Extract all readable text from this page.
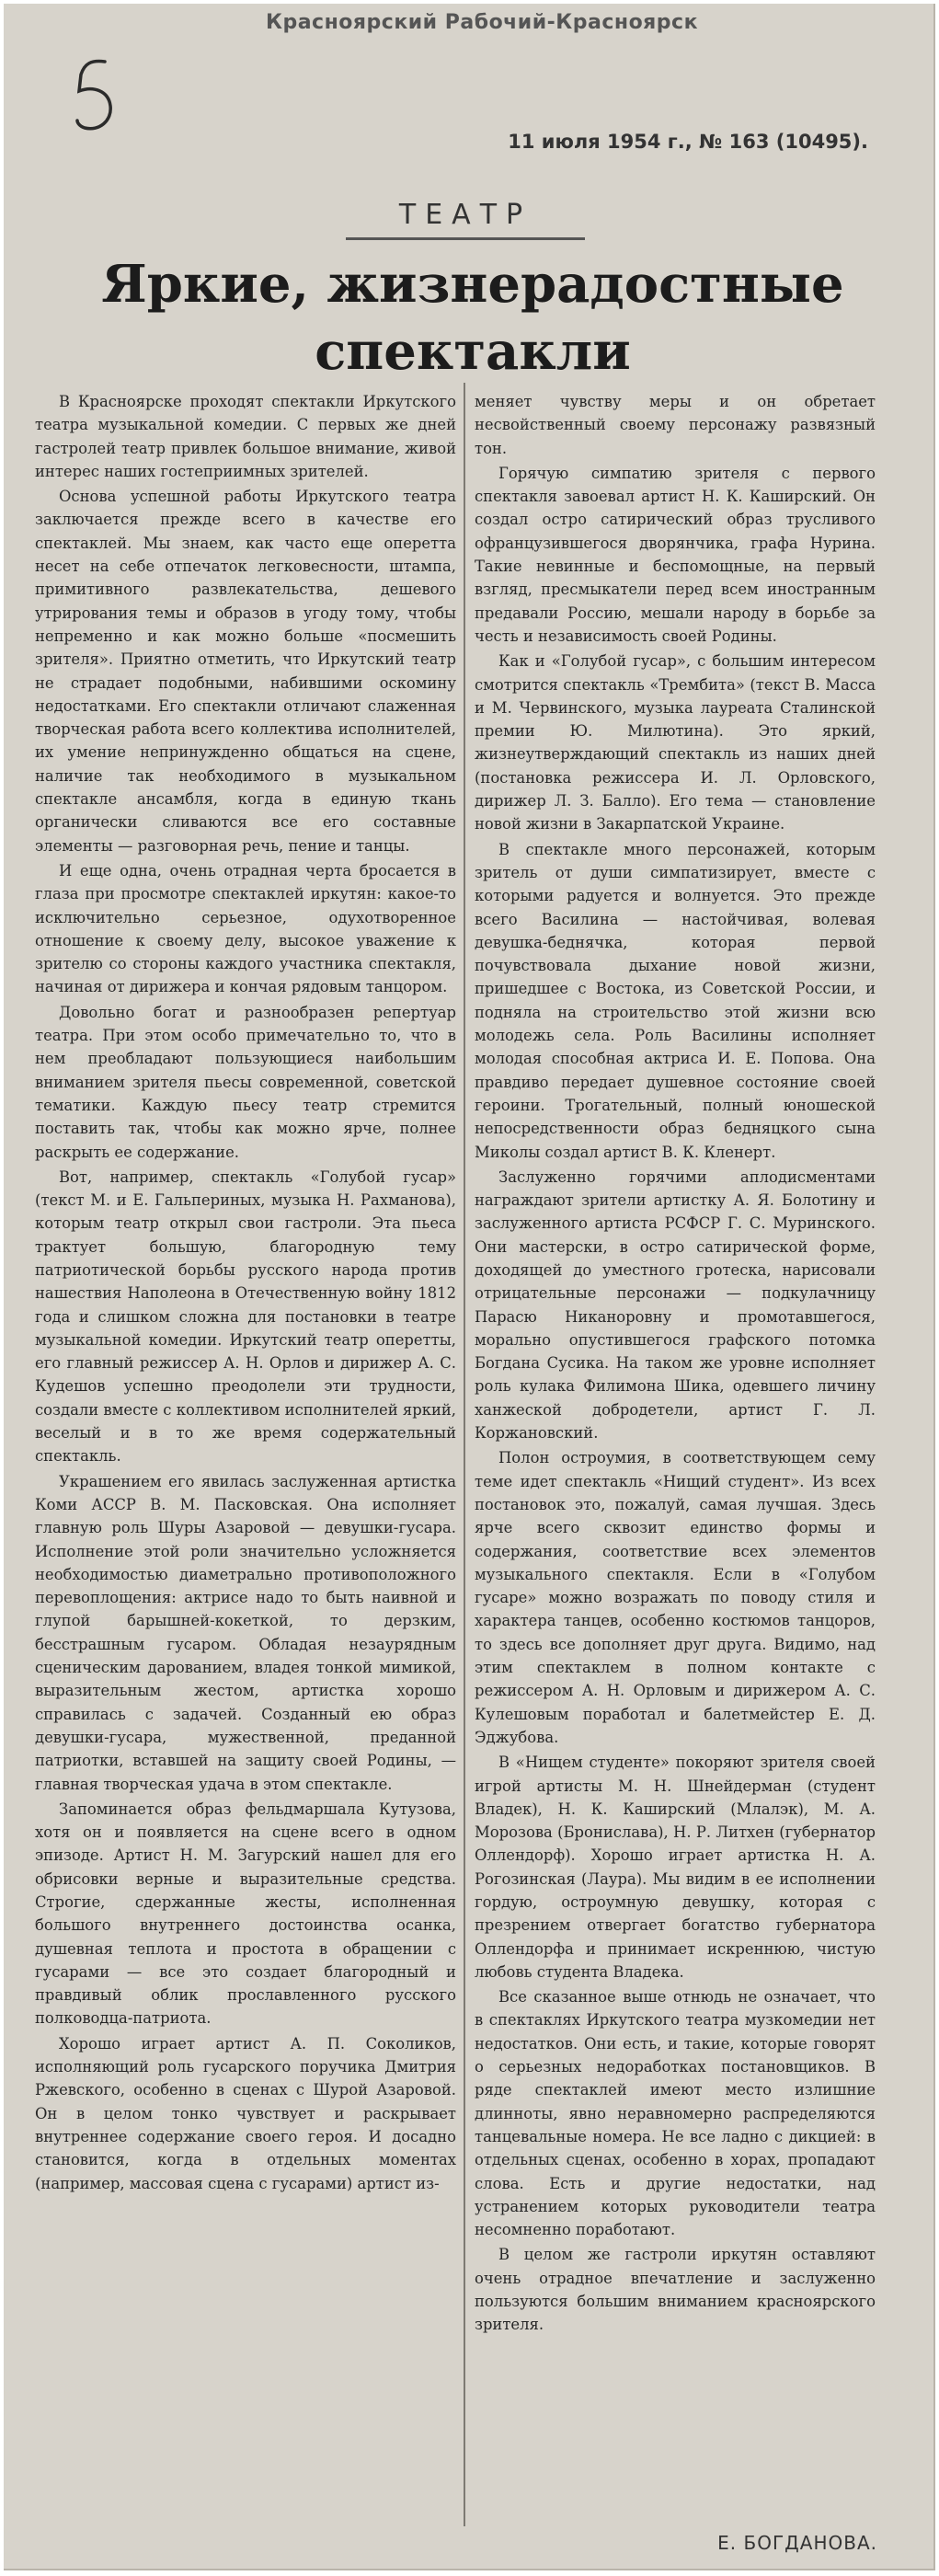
Красноярский Рабочий-Красноярск
11 июля 1954 г., № 163 (10495).
ТЕАТР
Яркие, жизнерадостные
спектакли

В Красноярске проходят спектакли Иркутского театра музыкальной комедии. С первых же дней гастролей театр привлек большое внимание, живой интерес наших гостеприимных зрителей.

Основа успешной работы Иркутского театра заключается прежде всего в качестве его спектаклей. Мы знаем, как часто еще оперетта несет на себе отпечаток легковесности, штампа, примитивного развлекательства, дешевого утрирования темы и образов в угоду тому, чтобы непременно и как можно больше «посмешить зрителя». Приятно отметить, что Иркутский театр не страдает подобными, набившими оскомину недостатками. Его спектакли отличают слаженная творческая работа всего коллектива исполнителей, их умение непринужденно общаться на сцене, наличие так необходимого в музыкальном спектакле ансамбля, когда в единую ткань органически сливаются все его составные элементы — разговорная речь, пение и танцы.

И еще одна, очень отрадная черта бросается в глаза при просмотре спектаклей иркутян: какое-то исключительно серьезное, одухотворенное отношение к своему делу, высокое уважение к зрителю со стороны каждого участника спектакля, начиная от дирижера и кончая рядовым танцором.

Довольно богат и разнообразен репертуар театра. При этом особо примечательно то, что в нем преобладают пользующиеся наибольшим вниманием зрителя пьесы современной, советской тематики. Каждую пьесу театр стремится поставить так, чтобы как можно ярче, полнее раскрыть ее содержание.

Вот, например, спектакль «Голубой гусар» (текст М. и Е. Гальпериных, музыка Н. Рахманова), которым театр открыл свои гастроли. Эта пьеса трактует большую, благородную тему патриотической борьбы русского народа против нашествия Наполеона в Отечественную войну 1812 года и слишком сложна для постановки в театре музыкальной комедии. Иркутский театр оперетты, его главный режиссер А. Н. Орлов и дирижер А. С. Кудешов успешно преодолели эти трудности, создали вместе с коллективом исполнителей яркий, веселый и в то же время содержательный спектакль.

Украшением его явилась заслуженная артистка Коми АССР В. М. Пасковская. Она исполняет главную роль Шуры Азаровой — девушки-гусара. Исполнение этой роли значительно усложняется необходимостью диаметрально противоположного перевоплощения: актрисе надо то быть наивной и глупой барышней-кокеткой, то дерзким, бесстрашным гусаром. Обладая незаурядным сценическим дарованием, владея тонкой мимикой, выразительным жестом, артистка хорошо справилась с задачей. Созданный ею образ девушки-гусара, мужественной, преданной патриотки, вставшей на защиту своей Родины, — главная творческая удача в этом спектакле.

Запоминается образ фельдмаршала Кутузова, хотя он и появляется на сцене всего в одном эпизоде. Артист Н. М. Загурский нашел для его обрисовки верные и выразительные средства. Строгие, сдержанные жесты, исполненная большого внутреннего достоинства осанка, душевная теплота и простота в обращении с гусарами — все это создает благородный и правдивый облик прославленного русского полководца-патриота.

Хорошо играет артист А. П. Соколиков, исполняющий роль гусарского поручика Дмитрия Ржевского, особенно в сценах с Шурой Азаровой. Он в целом тонко чувствует и раскрывает внутреннее содержание своего героя. И досадно становится, когда в отдельных моментах (например, массовая сцена с гусарами) артист из-

меняет чувству меры и он обретает несвойственный своему персонажу развязный тон.

Горячую симпатию зрителя с первого спектакля завоевал артист Н. К. Каширский. Он создал остро сатирический образ трусливого офранцузившегося дворянчика, графа Нурина. Такие невинные и беспомощные, на первый взгляд, пресмыкатели перед всем иностранным предавали Россию, мешали народу в борьбе за честь и независимость своей Родины.

Как и «Голубой гусар», с большим интересом смотрится спектакль «Трембита» (текст В. Масса и М. Червинского, музыка лауреата Сталинской премии Ю. Милютина). Это яркий, жизнеутверждающий спектакль из наших дней (постановка режиссера И. Л. Орловского, дирижер Л. З. Балло). Его тема — становление новой жизни в Закарпатской Украине.

В спектакле много персонажей, которым зритель от души симпатизирует, вместе с которыми радуется и волнуется. Это прежде всего Василина — настойчивая, волевая девушка-беднячка, которая первой почувствовала дыхание новой жизни, пришедшее с Востока, из Советской России, и подняла на строительство этой жизни всю молодежь села. Роль Василины исполняет молодая способная актриса И. Е. Попова. Она правдиво передает душевное состояние своей героини. Трогательный, полный юношеской непосредственности образ бедняцкого сына Миколы создал артист В. К. Кленерт.

Заслуженно горячими аплодисментами награждают зрители артистку А. Я. Болотину и заслуженного артиста РСФСР Г. С. Муринского. Они мастерски, в остро сатирической форме, доходящей до уместного гротеска, нарисовали отрицательные персонажи — подкулачницу Парасю Никаноровну и промотавшегося, морально опустившегося графского потомка Богдана Сусика. На таком же уровне исполняет роль кулака Филимона Шика, одевшего личину ханжеской добродетели, артист Г. Л. Коржановский.

Полон остроумия, в соответствующем сему теме идет спектакль «Нищий студент». Из всех постановок это, пожалуй, самая лучшая. Здесь ярче всего сквозит единство формы и содержания, соответствие всех элементов музыкального спектакля. Если в «Голубом гусаре» можно возражать по поводу стиля и характера танцев, особенно костюмов танцоров, то здесь все дополняет друг друга. Видимо, над этим спектаклем в полном контакте с режиссером А. Н. Орловым и дирижером А. С. Кулешовым поработал и балетмейстер Е. Д. Эджубова.

В «Нищем студенте» покоряют зрителя своей игрой артисты М. Н. Шнейдерман (студент Владек), Н. К. Каширский (Млалэк), М. А. Морозова (Бронислава), Н. Р. Литхен (губернатор Оллендорф). Хорошо играет артистка Н. А. Рогозинская (Лаура). Мы видим в ее исполнении гордую, остроумную девушку, которая с презрением отвергает богатство губернатора Оллендорфа и принимает искреннюю, чистую любовь студента Владека.

Все сказанное выше отнюдь не означает, что в спектаклях Иркутского театра музкомедии нет недостатков. Они есть, и такие, которые говорят о серьезных недоработках постановщиков. В ряде спектаклей имеют место излишние длинноты, явно неравномерно распределяются танцевальные номера. Не все ладно с дикцией: в отдельных сценах, особенно в хорах, пропадают слова. Есть и другие недостатки, над устранением которых руководители театра несомненно поработают.

В целом же гастроли иркутян оставляют очень отрадное впечатление и заслуженно пользуются большим вниманием красноярского зрителя.

Е. БОГДАНОВА.
